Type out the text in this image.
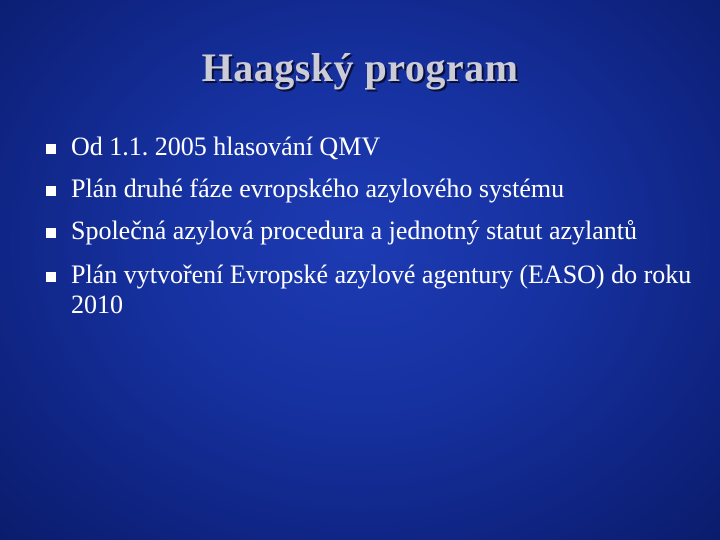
Haagský program
Od 1.1. 2005 hlasování QMV
Plán druhé fáze evropského azylového systému
Společná azylová procedura a jednotný statut azylantů
Plán vytvoření Evropské azylové agentury (EASO) do roku 2010
